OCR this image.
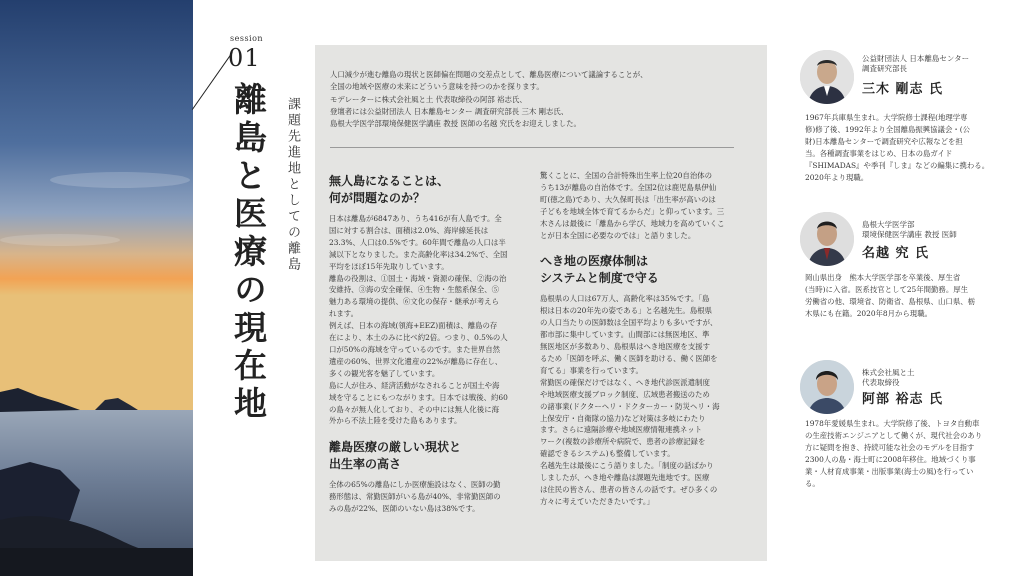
session
01
離島と医療の現在地 課題先進地としての離島
人口減少が進む離島の現状と医師偏在問題の交差点として、離島医療について議論することが、
全国の地域や医療の未来にどういう意味を持つのかを探ります。
モデレーターに株式会社風と土 代表取締役の阿部 裕志氏、
登壇者には公益財団法人 日本離島センター 調査研究部長 三木 剛志氏、
島根大学医学部環境保健医学講座 教授 医師の名越 究氏をお迎えしました。
無人島になることは、
何が問題なのか？

日本は離島が6847あり、うち416が有人島です。全
国に対する割合は、面積は2.0%、海岸線延長は
23.3%、人口は0.5%です。60年間で離島の人口は半
減以下となりました。また高齢化率は34.2%で、全国
平均をほぼ15年先取りしています。
離島の役割は、①国土・海域・資源の確保、②海の治
安維持、③海の安全確保、④生物・生態系保全、⑤
魅力ある環境の提供、⑥文化の保存・継承が考えら
れます。
例えば、日本の海域(領海+EEZ)面積は、離島の存
在により、本土のみに比べ約2倍。つまり、0.5%の人
口が50%の海域を守っているのです。また世界自然
遺産の60%、世界文化遺産の22%が離島に存在し、
多くの観光客を魅了しています。
島に人が住み、経済活動がなされることが国土や海
域を守ることにもつながります。日本では戦後、約60
の島々が無人化しており、その中には無人化後に海
外から不法上陸を受けた島もあります。

離島医療の厳しい現状と
出生率の高さ

全体の65%の離島にしか医療施設はなく、医師の勤
務形態は、常勤医師がいる島が40%、非常勤医師の
みの島が22%、医師のいない島は38%です。

驚くことに、全国の合計特殊出生率上位20自治体の
うち13が離島の自治体です。全国2位は鹿児島県伊仙
町(徳之島)であり、大久保町長は「出生率が高いのは
子どもを地域全体で育てるからだ」と仰っています。三
木さんは最後に「離島から学び、地域力を高めていくこ
とが日本全国に必要なのでは」と語りました。

へき地の医療体制は
システムと制度で守る

島根県の人口は67万人、高齢化率は35%です。「島
根は日本の20年先の姿である」と名越先生。島根県
の人口当たりの医師数は全国平均よりも多いですが、
都市部に集中しています。山間部には無医地区、準
無医地区が多数あり、島根県はへき地医療を支援す
るため「医師を呼ぶ、働く医師を助ける、働く医師を
育てる」事業を行っています。
常勤医の確保だけではなく、へき地代診医派遣制度
や地域医療支援ブロック制度、広域患者搬送のため
の諸事業(ドクターヘリ・ドクターカー・防災ヘリ・海
上保安庁・自衛隊の協力)など対策は多岐にわたり
ます。さらに遠隔診療や地域医療情報連携ネット
ワーク(複数の診療所や病院で、患者の診療記録を
確認できるシステム)も整備しています。
名越先生は最後にこう語りました。「制度の話ばかり
しましたが、へき地や離島は課題先進地です。医療
は住民の皆さん、患者の皆さんの話です。ぜひ多くの
方々に考えていただきたいです。」

公益財団法人 日本離島センター
調査研究部長
三木 剛志 氏
1967年兵庫県生まれ。大学院修士課程(地理学専
修)修了後、1992年より全国離島振興協議会・(公
財)日本離島センターで調査研究や広報などを担
当。各種調査事業をはじめ、日本の島ガイド
『SHIMADAS』や季刊『しま』などの編集に携わる。
2020年より現職。
島根大学医学部
環境保健医学講座 教授 医師
名越 究 氏
岡山県出身　熊本大学医学部を卒業後、厚生省
(当時)に入省。医系技官として25年間勤務。厚生
労働省の他、環境省、防衛省、島根県、山口県、栃
木県にも在籍。2020年8月から現職。
株式会社風と土
代表取締役
阿部 裕志 氏
1978年愛媛県生まれ。大学院修了後、トヨタ自動車
の生産技術エンジニアとして働くが、現代社会のあり
方に疑問を抱き、持続可能な社会のモデルを目指す
2300人の島・海士町に2008年移住。地域づくり事
業・人材育成事業・出版事業(海士の風)を行ってい
る。
